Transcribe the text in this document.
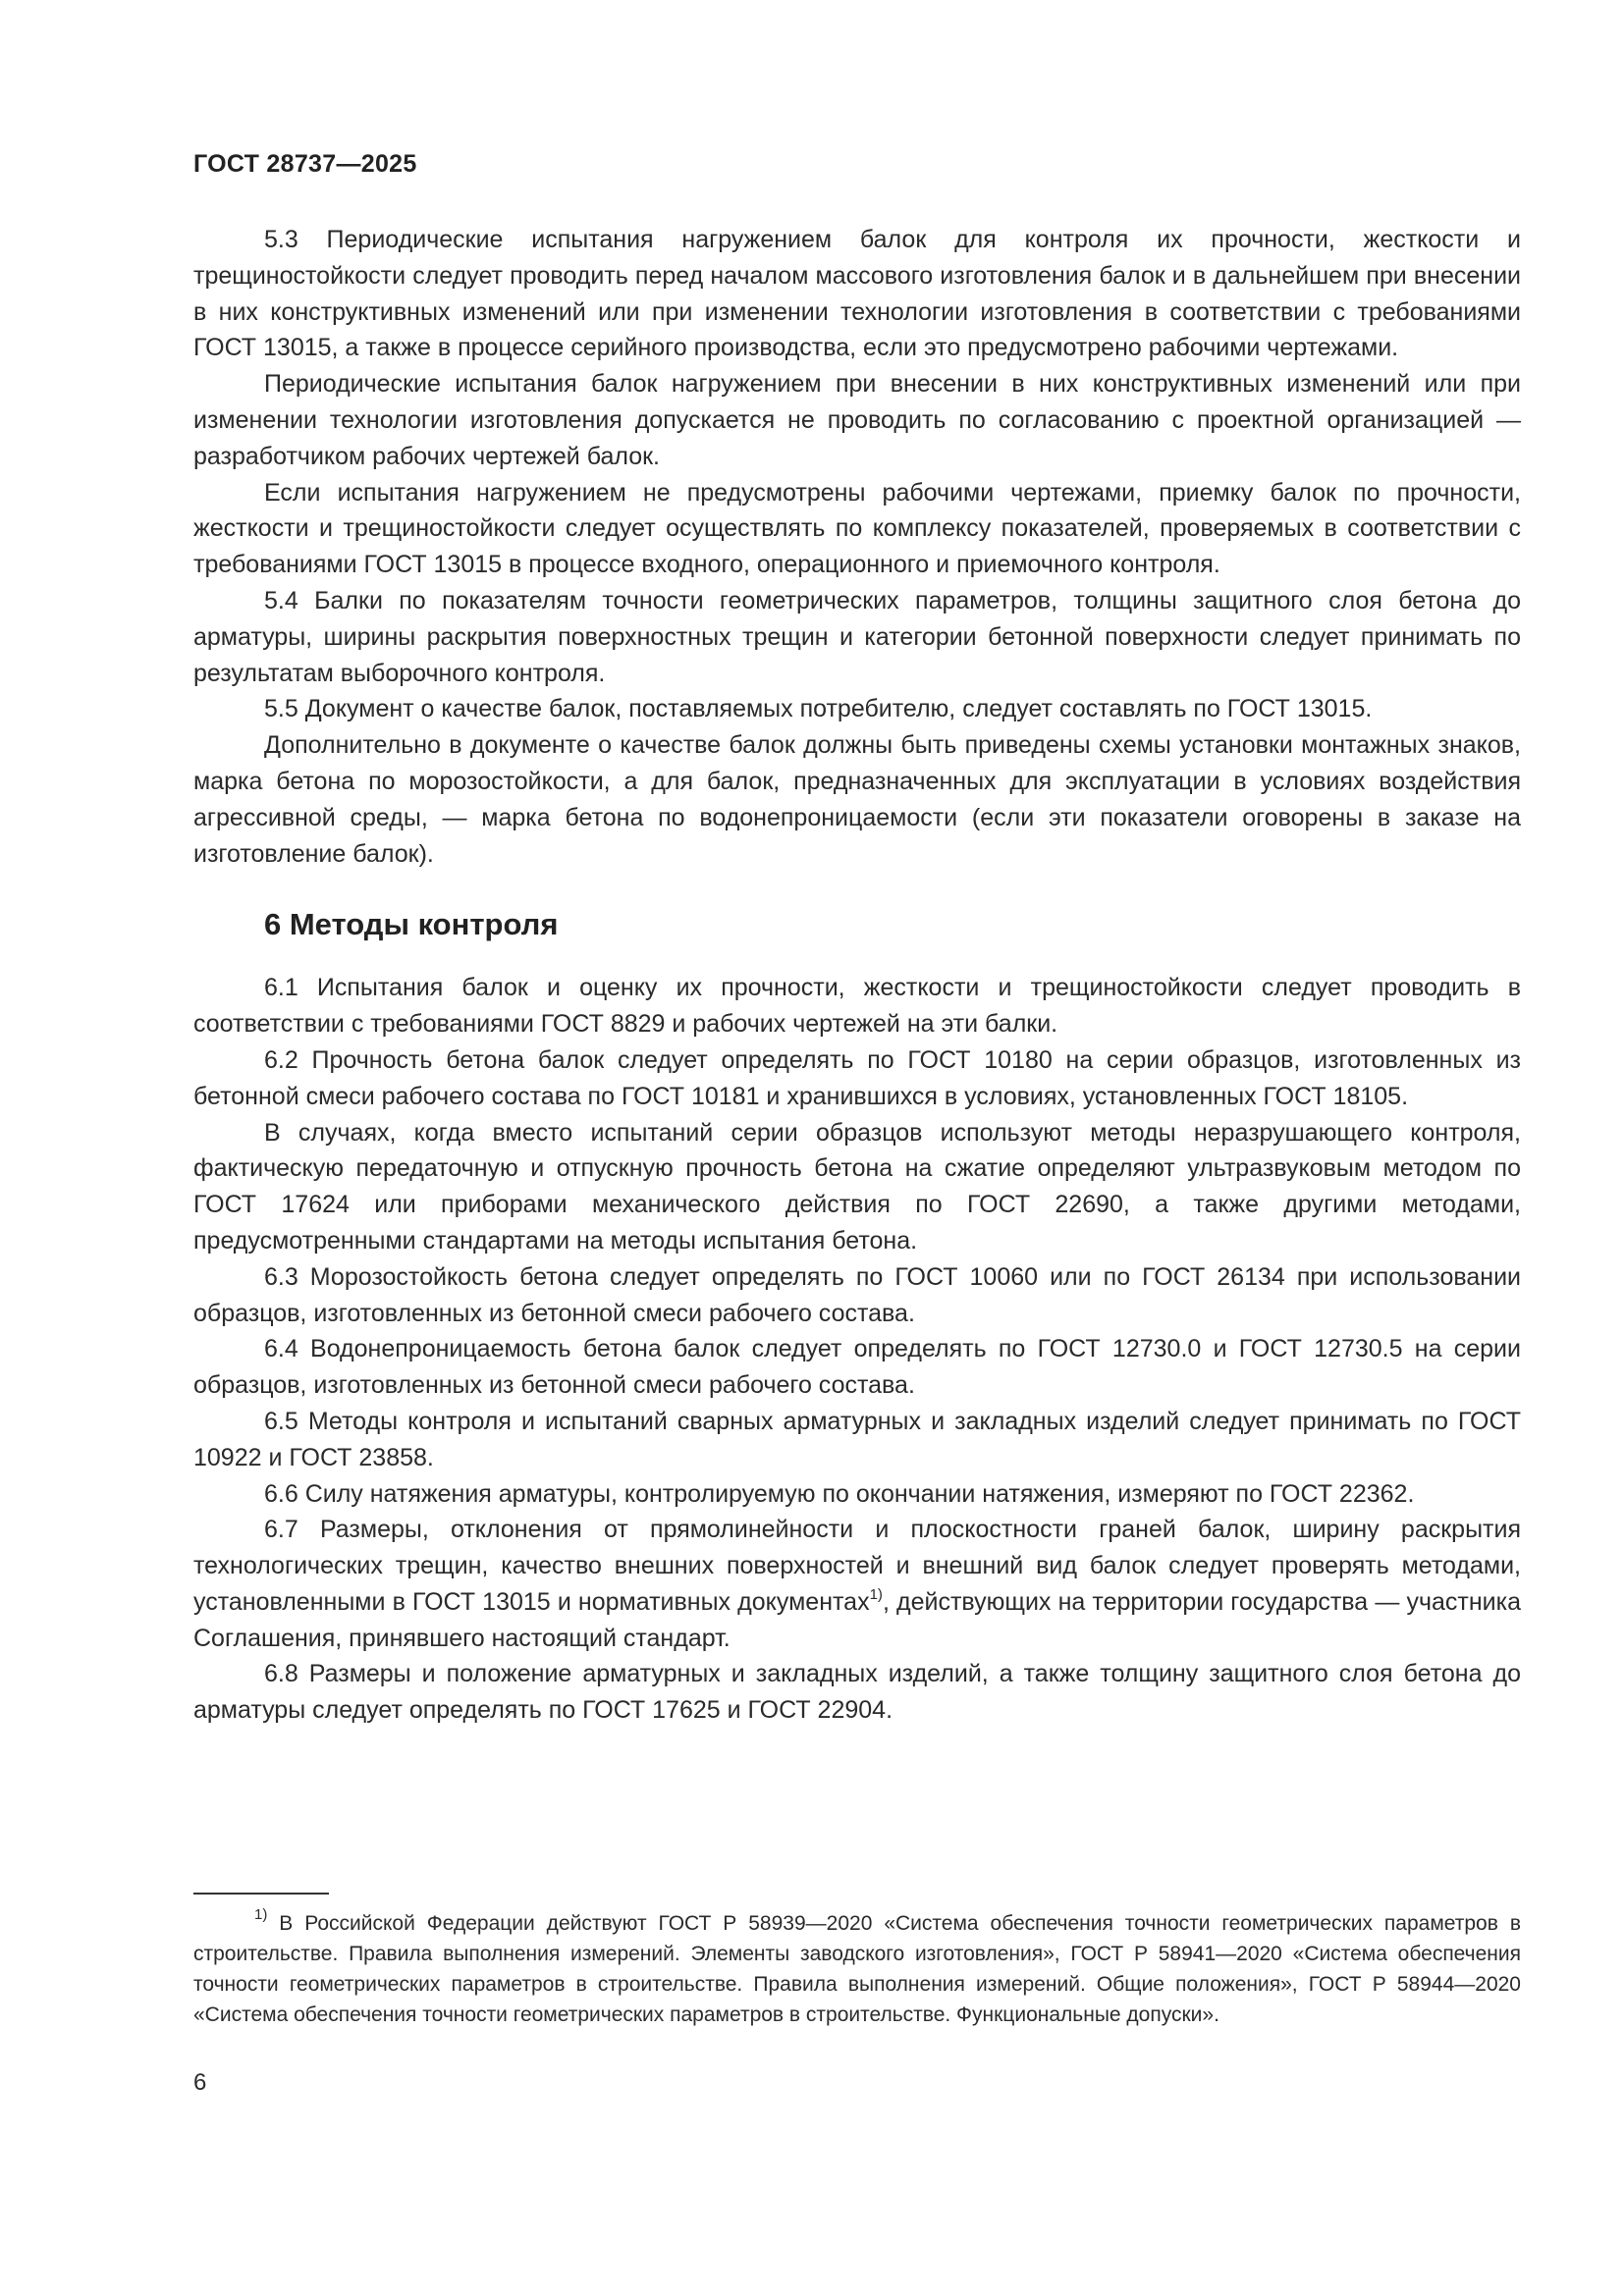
ГОСТ 28737—2025

5.3 Периодические испытания нагружением балок для контроля их прочности, жесткости и трещиностойкости следует проводить перед началом массового изготовления балок и в дальнейшем при внесении в них конструктивных изменений или при изменении технологии изготовления в соответствии с требованиями ГОСТ 13015, а также в процессе серийного производства, если это предусмотрено рабочими чертежами.

Периодические испытания балок нагружением при внесении в них конструктивных изменений или при изменении технологии изготовления допускается не проводить по согласованию с проектной организацией — разработчиком рабочих чертежей балок.

Если испытания нагружением не предусмотрены рабочими чертежами, приемку балок по прочности, жесткости и трещиностойкости следует осуществлять по комплексу показателей, проверяемых в соответствии с требованиями ГОСТ 13015 в процессе входного, операционного и приемочного контроля.

5.4 Балки по показателям точности геометрических параметров, толщины защитного слоя бетона до арматуры, ширины раскрытия поверхностных трещин и категории бетонной поверхности следует принимать по результатам выборочного контроля.

5.5 Документ о качестве балок, поставляемых потребителю, следует составлять по ГОСТ 13015.

Дополнительно в документе о качестве балок должны быть приведены схемы установки монтажных знаков, марка бетона по морозостойкости, а для балок, предназначенных для эксплуатации в условиях воздействия агрессивной среды, — марка бетона по водонепроницаемости (если эти показатели оговорены в заказе на изготовление балок).

6 Методы контроля

6.1 Испытания балок и оценку их прочности, жесткости и трещиностойкости следует проводить в соответствии с требованиями ГОСТ 8829 и рабочих чертежей на эти балки.

6.2 Прочность бетона балок следует определять по ГОСТ 10180 на серии образцов, изготовленных из бетонной смеси рабочего состава по ГОСТ 10181 и хранившихся в условиях, установленных ГОСТ 18105.

В случаях, когда вместо испытаний серии образцов используют методы неразрушающего контроля, фактическую передаточную и отпускную прочность бетона на сжатие определяют ультразвуковым методом по ГОСТ 17624 или приборами механического действия по ГОСТ 22690, а также другими методами, предусмотренными стандартами на методы испытания бетона.

6.3 Морозостойкость бетона следует определять по ГОСТ 10060 или по ГОСТ 26134 при использовании образцов, изготовленных из бетонной смеси рабочего состава.

6.4 Водонепроницаемость бетона балок следует определять по ГОСТ 12730.0 и ГОСТ 12730.5 на серии образцов, изготовленных из бетонной смеси рабочего состава.

6.5 Методы контроля и испытаний сварных арматурных и закладных изделий следует принимать по ГОСТ 10922 и ГОСТ 23858.

6.6 Силу натяжения арматуры, контролируемую по окончании натяжения, измеряют по ГОСТ 22362.

6.7 Размеры, отклонения от прямолинейности и плоскостности граней балок, ширину раскрытия технологических трещин, качество внешних поверхностей и внешний вид балок следует проверять методами, установленными в ГОСТ 13015 и нормативных документах$^{1)}$, действующих на территории государства — участника Соглашения, принявшего настоящий стандарт.

6.8 Размеры и положение арматурных и закладных изделий, а также толщину защитного слоя бетона до арматуры следует определять по ГОСТ 17625 и ГОСТ 22904.

$^{1)}$ В Российской Федерации действуют ГОСТ Р 58939—2020 «Система обеспечения точности геометрических параметров в строительстве. Правила выполнения измерений. Элементы заводского изготовления», ГОСТ Р 58941—2020 «Система обеспечения точности геометрических параметров в строительстве. Правила выполнения измерений. Общие положения», ГОСТ Р 58944—2020 «Система обеспечения точности геометрических параметров в строительстве. Функциональные допуски».
6
